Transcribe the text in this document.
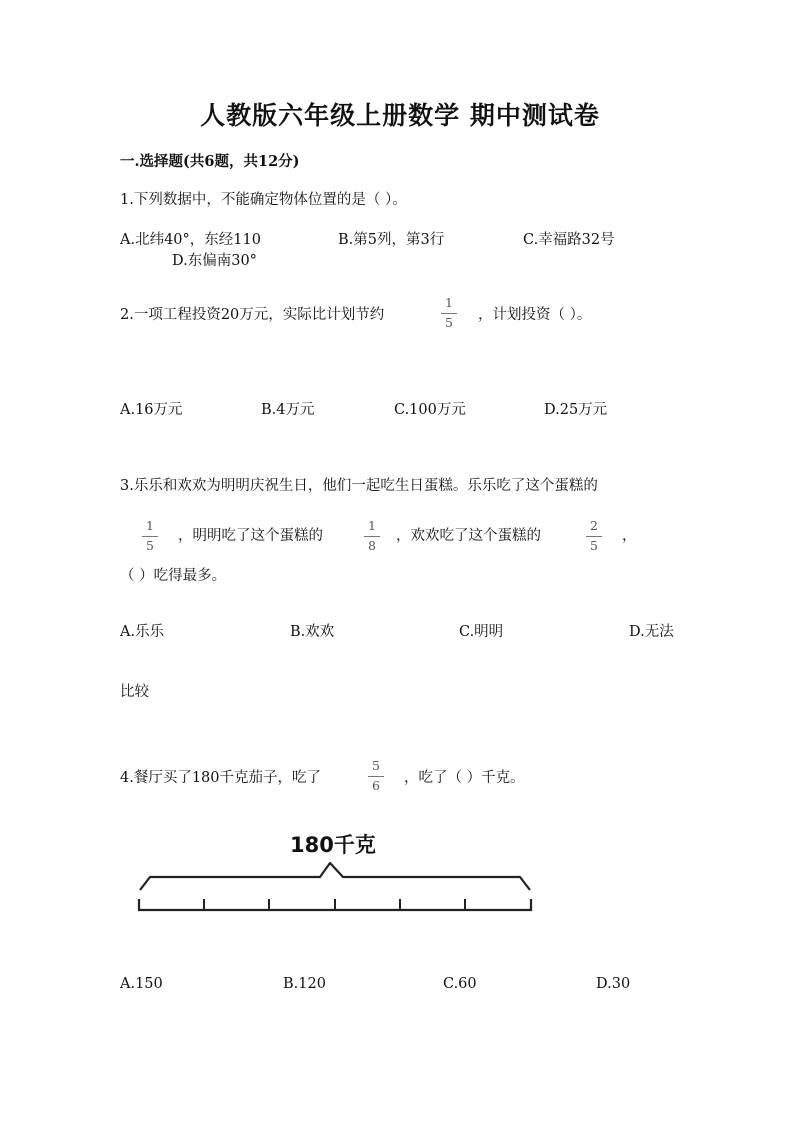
人教版六年级上册数学 期中测试卷
一.选择题(共6题，共12分)
1.下列数据中，不能确定物体位置的是（ ）。
A.北纬40°，东经110	B.第5列，第3行	C.幸福路32号
D.东偏南30°
2.一项工程投资20万元，实际比计划节约
1
5	，计划投资（ ）。
A.16万元	B.4万元	C.100万元	D.25万元
3.乐乐和欢欢为明明庆祝生日，他们一起吃生日蛋糕。乐乐吃了这个蛋糕的
1
5
，明明吃了这个蛋糕的
1
8
，欢欢吃了这个蛋糕的
2
5
，
（ ）吃得最多。
A.乐乐	B.欢欢	C.明明	D.无法
比较
4.餐厅买了180千克茄子，吃了
5
6	，吃了（ ）千克。
180千克
A.150	B.120	C.60	D.30
